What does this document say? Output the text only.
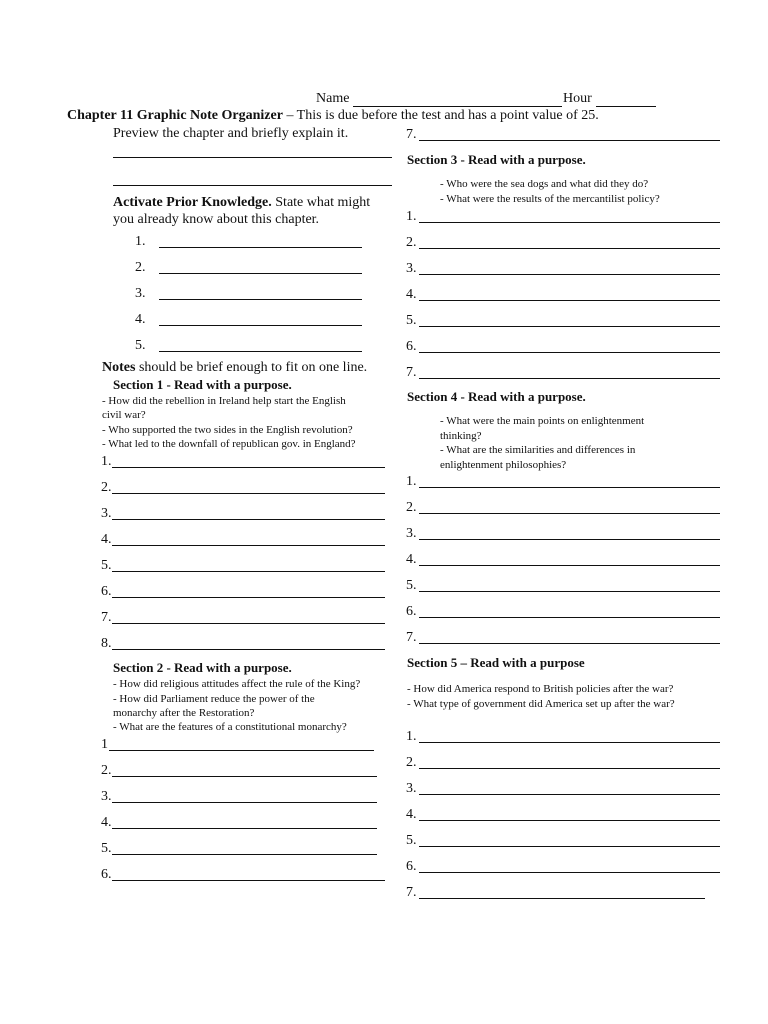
Name	Hour
Chapter 11 Graphic Note Organizer – This is due before the test and has a point value of 25.
Preview the chapter and briefly explain it.
Activate Prior Knowledge. State what might
you already know about this chapter.
1.
2.
3.
4.
5.
Notes should be brief enough to fit on one line.
Section 1 - Read with a purpose.
- How did the rebellion in Ireland help start the English
civil war?
- Who supported the two sides in the English revolution?
- What led to the downfall of republican gov. in England?
1.
2.
3.
4.
5.
6.
7.
8.
Section 2 - Read with a purpose.
- How did religious attitudes affect the rule of the King?
- How did Parliament reduce the power of the
monarchy after the Restoration?
- What are the features of a constitutional monarchy?
1
2.
3.
4.
5.
6.
7.
Section 3 - Read with a purpose.
- Who were the sea dogs and what did they do?
- What were the results of the mercantilist policy?
1.
2.
3.
4.
5.
6.
7.
Section 4 - Read with a purpose.
- What were the main points on enlightenment
thinking?
- What are the similarities and differences in
enlightenment philosophies?
1.
2.
3.
4.
5.
6.
7.
Section 5 – Read with a purpose
- How did America respond to British policies after the war?
- What type of government did America set up after the war?
1.
2.
3.
4.
5.
6.
7.
